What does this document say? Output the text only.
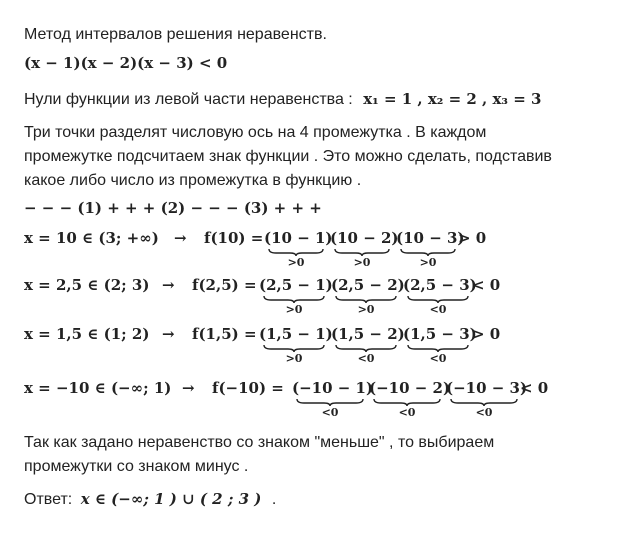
Метод интервалов решения неравенств.
(x − 1)(x − 2)(x − 3) < 0
Нули функции из левой части неравенства : x₁ = 1 , x₂ = 2 , x₃ = 3
Три точки разделят числовую ось на 4 промежутка . В каждом
промежутке подсчитаем знак функции . Это можно сделать, подставив
какое либо число из промежутка в функцию .
− − − (1) + + + (2) − − − (3) + + +
x = 10 ∈ (3; +∞) → f(10) = (10 − 1)
(10 − 2)
(10 − 3)
> 0
>0	>0	>0
x = 2,5 ∈ (2; 3) → f(2,5) = (2,5 − 1)
(2,5 − 2)
(2,5 − 3)
< 0
>0	>0	<0
x = 1,5 ∈ (1; 2) → f(1,5) = (1,5 − 1)
(1,5 − 2)
(1,5 − 3)
> 0
>0	<0	<0
x = −10 ∈ (−∞; 1) → f(−10) = (−10 − 1)
(−10 − 2)
(−10 − 3)
< 0
<0	<0	<0
Так как задано неравенство со знаком "меньше" , то выбираем
промежутки со знаком минус .
Ответ: x ∈ (−∞; 1 ) ∪ ( 2 ; 3 ) .
